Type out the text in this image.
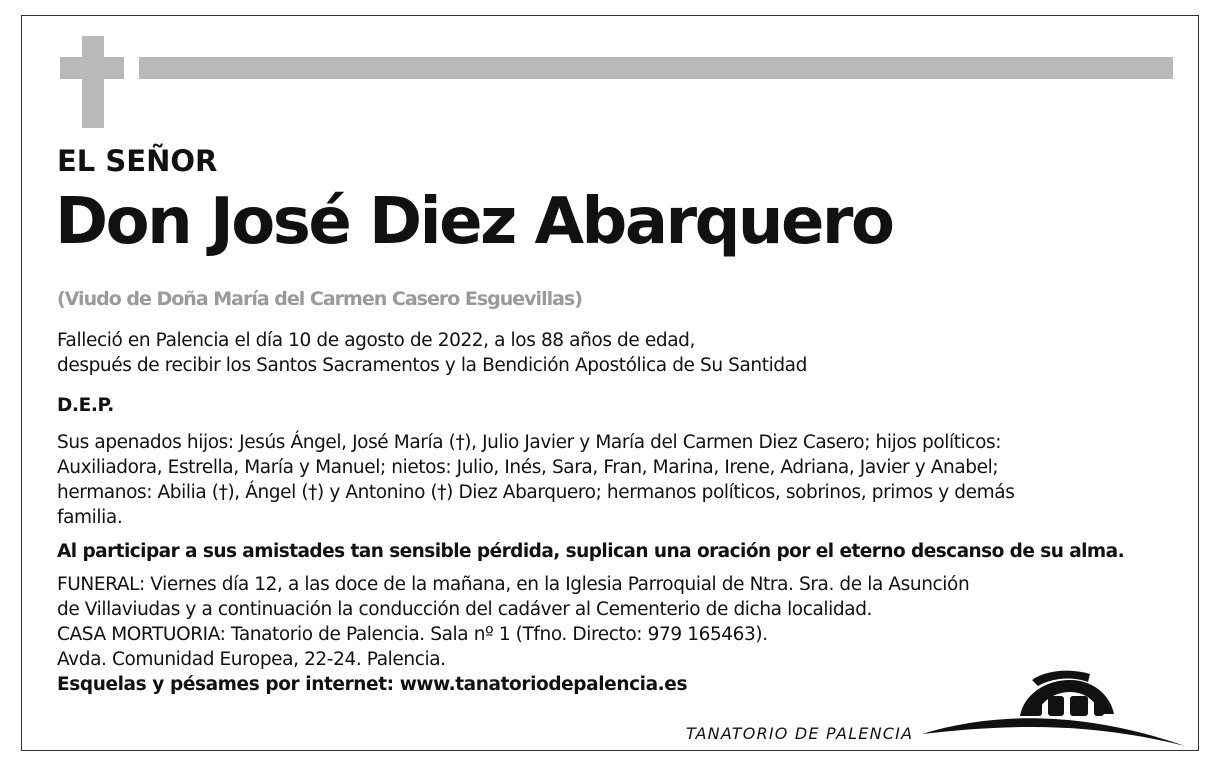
EL SEÑOR

Don José Diez Abarquero

(Viudo de Doña María del Carmen Casero Esguevillas)

Falleció en Palencia el día 10 de agosto de 2022, a los 88 años de edad,
después de recibir los Santos Sacramentos y la Bendición Apostólica de Su Santidad
D.E.P.
Sus apenados hijos: Jesús Ángel, José María (†), Julio Javier y María del Carmen Diez Casero; hijos políticos:
Auxiliadora, Estrella, María y Manuel; nietos: Julio, Inés, Sara, Fran, Marina, Irene, Adriana, Javier y Anabel;
hermanos: Abilia (†), Ángel (†) y Antonino (†) Diez Abarquero; hermanos políticos, sobrinos, primos y demás
familia.
Al participar a sus amistades tan sensible pérdida, suplican una oración por el eterno descanso de su alma.
FUNERAL: Viernes día 12, a las doce de la mañana, en la Iglesia Parroquial de Ntra. Sra. de la Asunción
de Villaviudas y a continuación la conducción del cadáver al Cementerio de dicha localidad.
CASA MORTUORIA: Tanatorio de Palencia. Sala nº 1 (Tfno. Directo: 979 165463).
Avda. Comunidad Europea, 22-24. Palencia.
Esquelas y pésames por internet: www.tanatoriodepalencia.es

TANATORIO DE PALENCIA
